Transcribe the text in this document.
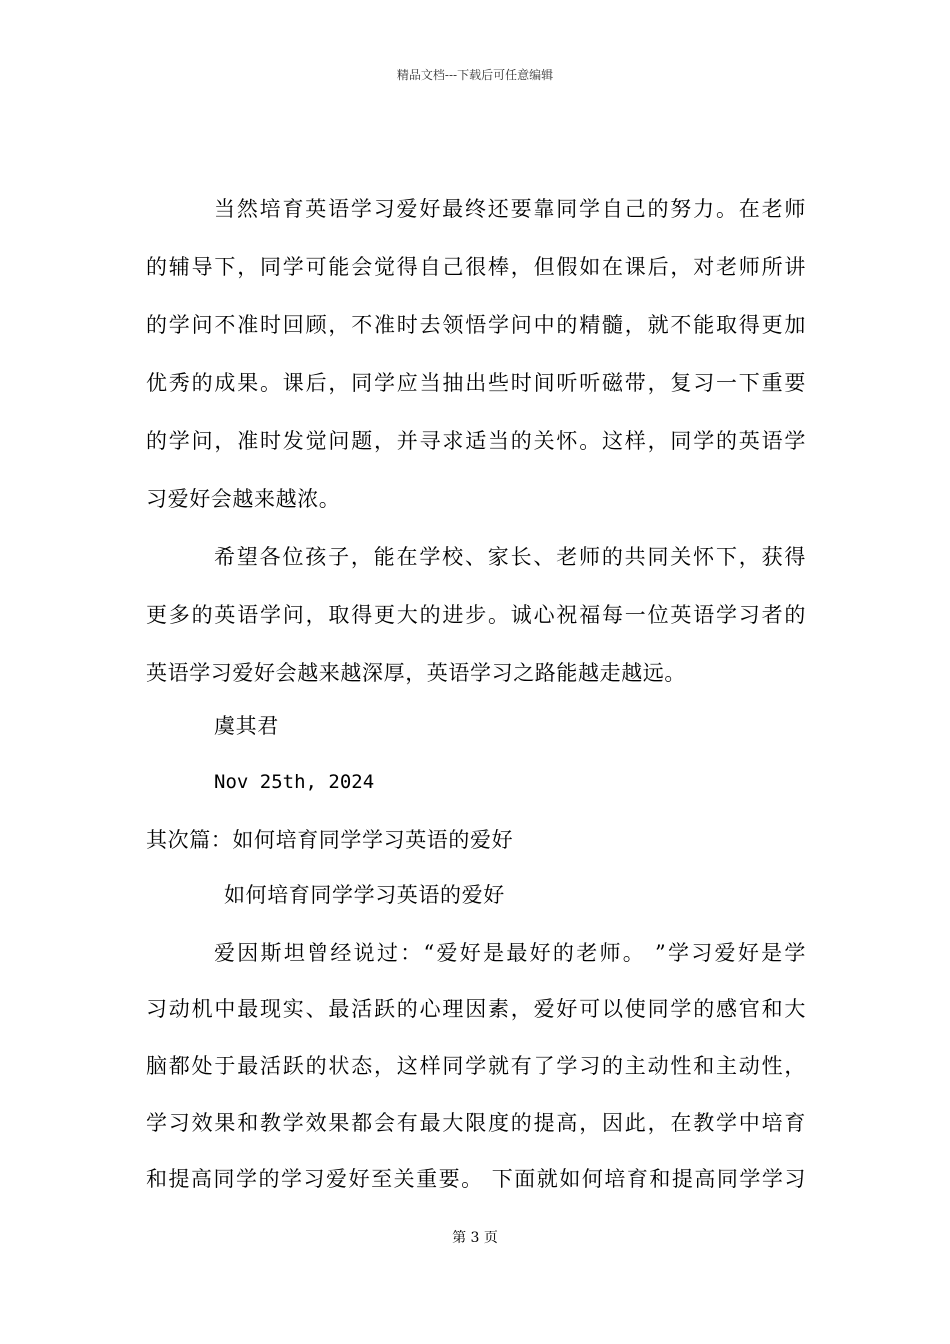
精品文档---下载后可任意编辑
当然培育英语学习爱好最终还要靠同学自己的努力。在老师
的辅导下，同学可能会觉得自己很棒，但假如在课后，对老师所讲
的学问不准时回顾，不准时去领悟学问中的精髓，就不能取得更加
优秀的成果。课后，同学应当抽出些时间听听磁带，复习一下重要
的学问，准时发觉问题，并寻求适当的关怀。这样，同学的英语学
习爱好会越来越浓。
希望各位孩子，能在学校、家长、老师的共同关怀下，获得
更多的英语学问，取得更大的进步。诚心祝福每一位英语学习者的
英语学习爱好会越来越深厚，英语学习之路能越走越远。
虞其君
Nov 25th, 2024
其次篇：如何培育同学学习英语的爱好
如何培育同学学习英语的爱好
爱因斯坦曾经说过：“爱好是最好的老师。 ”学习爱好是学
习动机中最现实、最活跃的心理因素，爱好可以使同学的感官和大
脑都处于最活跃的状态，这样同学就有了学习的主动性和主动性，
学习效果和教学效果都会有最大限度的提高，因此，在教学中培育
和提高同学的学习爱好至关重要。 下面就如何培育和提高同学学习
第 3 页
